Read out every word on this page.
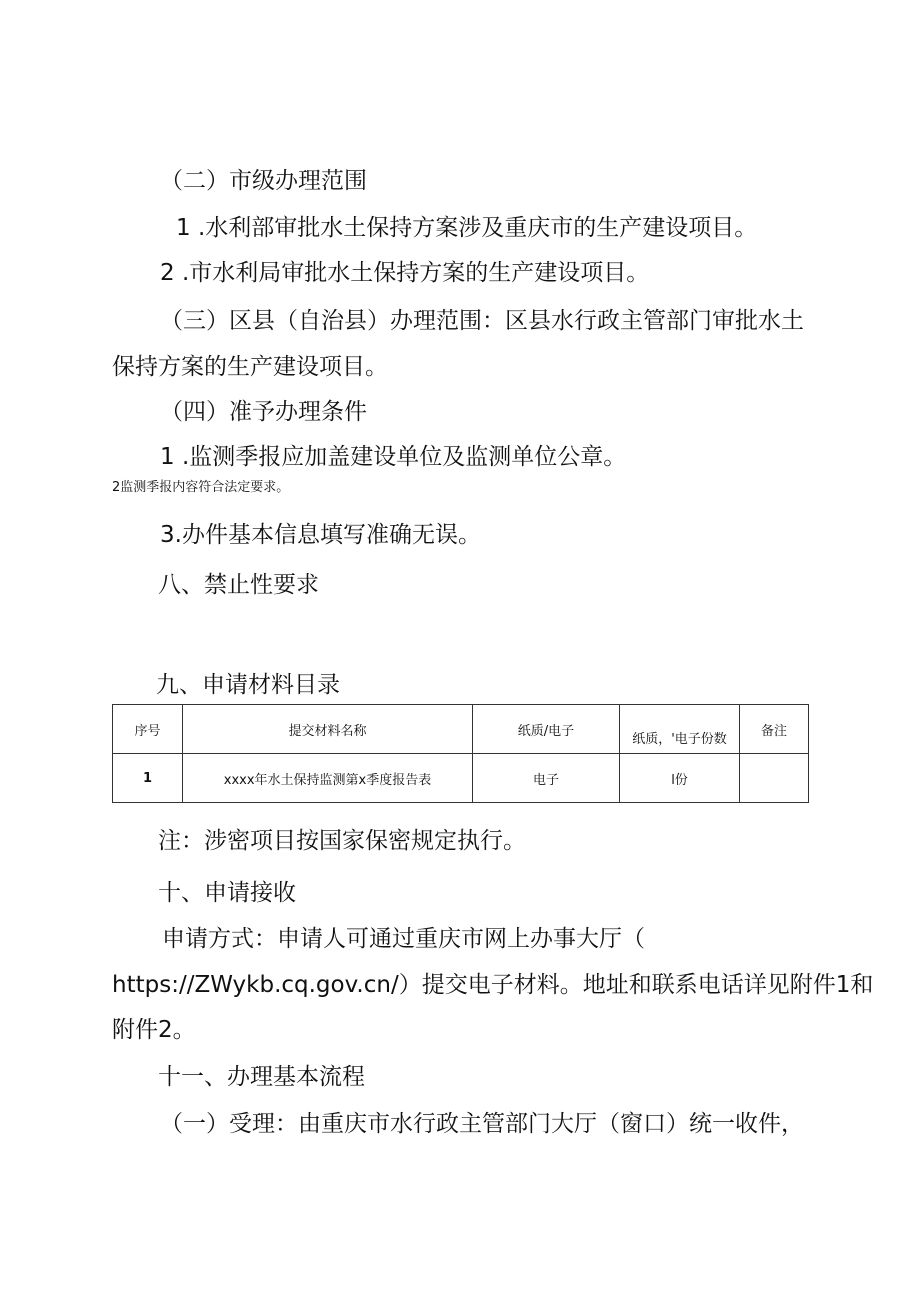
（二）市级办理范围
1 .水利部审批水土保持方案涉及重庆市的生产建设项目。
2 .市水利局审批水土保持方案的生产建设项目。
（三）区县（自治县）办理范围：区县水行政主管部门审批水土
保持方案的生产建设项目。
（四）准予办理条件
1 .监测季报应加盖建设单位及监测单位公章。
2监测季报内容符合法定要求。
3.办件基本信息填写准确无误。
八、禁止性要求
九、申请材料目录
序号	提交材料名称	纸质/电子	纸质，'电子份数	备注
1	xxxx年水土保持监测第x季度报告表	电子	l份	
注：涉密项目按国家保密规定执行。
十、申请接收
申请方式：申请人可通过重庆市网上办事大厅（
https://ZWykb.cq.gov.cn/）提交电子材料。地址和联系电话详见附件1和
附件2。
十一、办理基本流程
（一）受理：由重庆市水行政主管部门大厅（窗口）统一收件，
